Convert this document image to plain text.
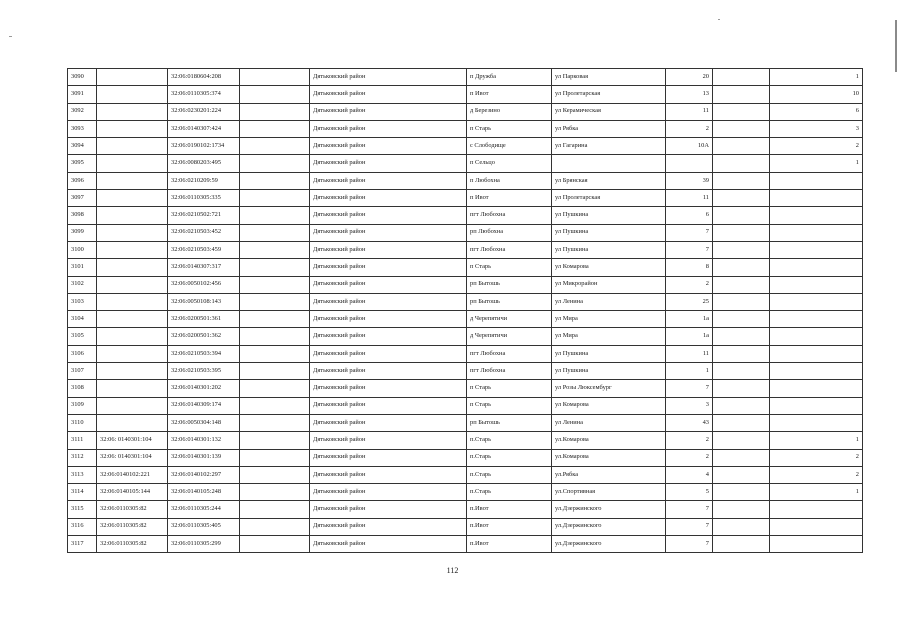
3090		32:06:0180604:208		Дятьковский район	п Дружба	ул Парковая	20		1
3091		32:06:0110305:374		Дятьковский район	п Ивот	ул Пролетарская	13		10
3092		32:06:0230201:224		Дятьковский район	д Березино	ул Керамическая	11		6
3093		32:06:0140307:424		Дятьковский район	п Старь	ул Рябка	2		3
3094		32:06:0190102:1734		Дятьковский район	с Слободище	ул Гагарина	10А		2
3095		32:06:0080203:495		Дятьковский район	п Сельцо				1
3096		32:06:0210209:59		Дятьковский район	п Любохна	ул Брянская	39		
3097		32:06:0110305:335		Дятьковский район	п Ивот	ул Пролетарская	11		
3098		32:06:0210502:721		Дятьковский район	пгт Любохна	ул Пушкина	6		
3099		32:06:0210503:452		Дятьковский район	рп Любохна	ул Пушкина	7		
3100		32:06:0210503:459		Дятьковский район	пгт Любохна	ул Пушкина	7		
3101		32:06:0140307:317		Дятьковский район	п Старь	ул Комарова	8		
3102		32:06:0050102:456		Дятьковский район	рп Бытошь	ул Микрорайон	2		
3103		32:06:0050108:143		Дятьковский район	рп Бытошь	ул Ленина	25		
3104		32:06:0200501:361		Дятьковский район	д Черепятичи	ул Мира	1а		
3105		32:06:0200501:362		Дятьковский район	д Черепятичи	ул Мира	1а		
3106		32:06:0210503:394		Дятьковский район	пгт Любохна	ул Пушкина	11		
3107		32:06:0210503:395		Дятьковский район	пгт Любохна	ул Пушкина	1		
3108		32:06:0140301:202		Дятьковский район	п Старь	ул Розы Люксембург	7		
3109		32:06:0140309:174		Дятьковский район	п Старь	ул Комарова	3		
3110		32:06:0050304:148		Дятьковский район	рп Бытошь	ул Ленина	43		
3111	32:06: 0140301:104	32:06:0140301:132		Дятьковский район	п.Старь	ул.Комарова	2		1
3112	32:06: 0140301:104	32:06:0140301:139		Дятьковский район	п.Старь	ул.Комарова	2		2
3113	32:06:0140102:221	32:06:0140102:297		Дятьковский район	п.Старь	ул.Рябка	4		2
3114	32:06:0140105:144	32:06:0140105:248		Дятьковский район	п.Старь	ул.Спортивная	5		1
3115	32:06:0110305:82	32:06:0110305:244		Дятьковский район	п.Ивот	ул.Дзержинского	7		
3116	32:06:0110305:82	32:06:0110305:405		Дятьковский район	п.Ивот	ул.Дзержинского	7		
3117	32:06:0110305:82	32:06:0110305:299		Дятьковский район	п.Ивот	ул.Дзержинского	7		
112
